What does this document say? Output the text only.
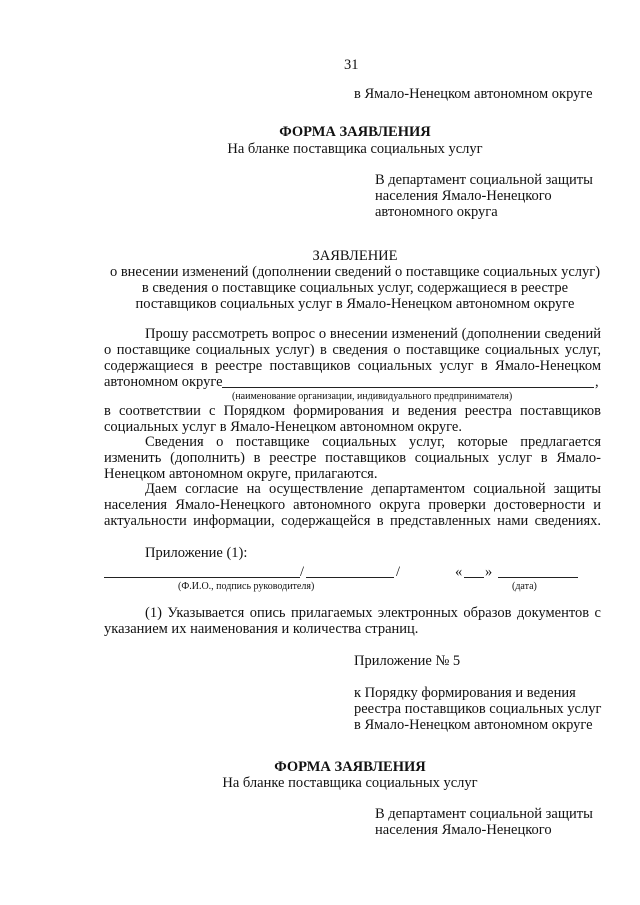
31
в Ямало-Ненецком автономном округе
ФОРМА ЗАЯВЛЕНИЯ
На бланке поставщика социальных услуг
В департамент социальной защиты
населения Ямало-Ненецкого
автономного округа
ЗАЯВЛЕНИЕ
о внесении изменений (дополнении сведений о поставщике социальных услуг)
в сведения о поставщике социальных услуг, содержащиеся в реестре
поставщиков социальных услуг в Ямало-Ненецком автономном округе
Прошу рассмотреть вопрос о внесении изменений (дополнении сведений
о поставщике социальных услуг) в сведения о поставщике социальных услуг,
содержащиеся в реестре поставщиков социальных услуг в Ямало-Ненецком
автономном округе	,
(наименование организации, индивидуального предпринимателя)
в соответствии с Порядком формирования и ведения реестра поставщиков
социальных услуг в Ямало-Ненецком автономном округе.
Сведения о поставщике социальных услуг, которые предлагается
изменить (дополнить) в реестре поставщиков социальных услуг в Ямало-
Ненецком автономном округе, прилагаются.
Даем согласие на осуществление департаментом социальной защиты
населения Ямало-Ненецкого автономного округа проверки достоверности и
актуальности информации, содержащейся в представленных нами сведениях.
Приложение (1):
/	/	« »
(Ф.И.О., подпись руководителя)	(дата)
(1) Указывается опись прилагаемых электронных образов документов с
указанием их наименования и количества страниц.
Приложение № 5
к Порядку формирования и ведения
реестра поставщиков социальных услуг
в Ямало-Ненецком автономном округе
ФОРМА ЗАЯВЛЕНИЯ
На бланке поставщика социальных услуг
В департамент социальной защиты
населения Ямало-Ненецкого
